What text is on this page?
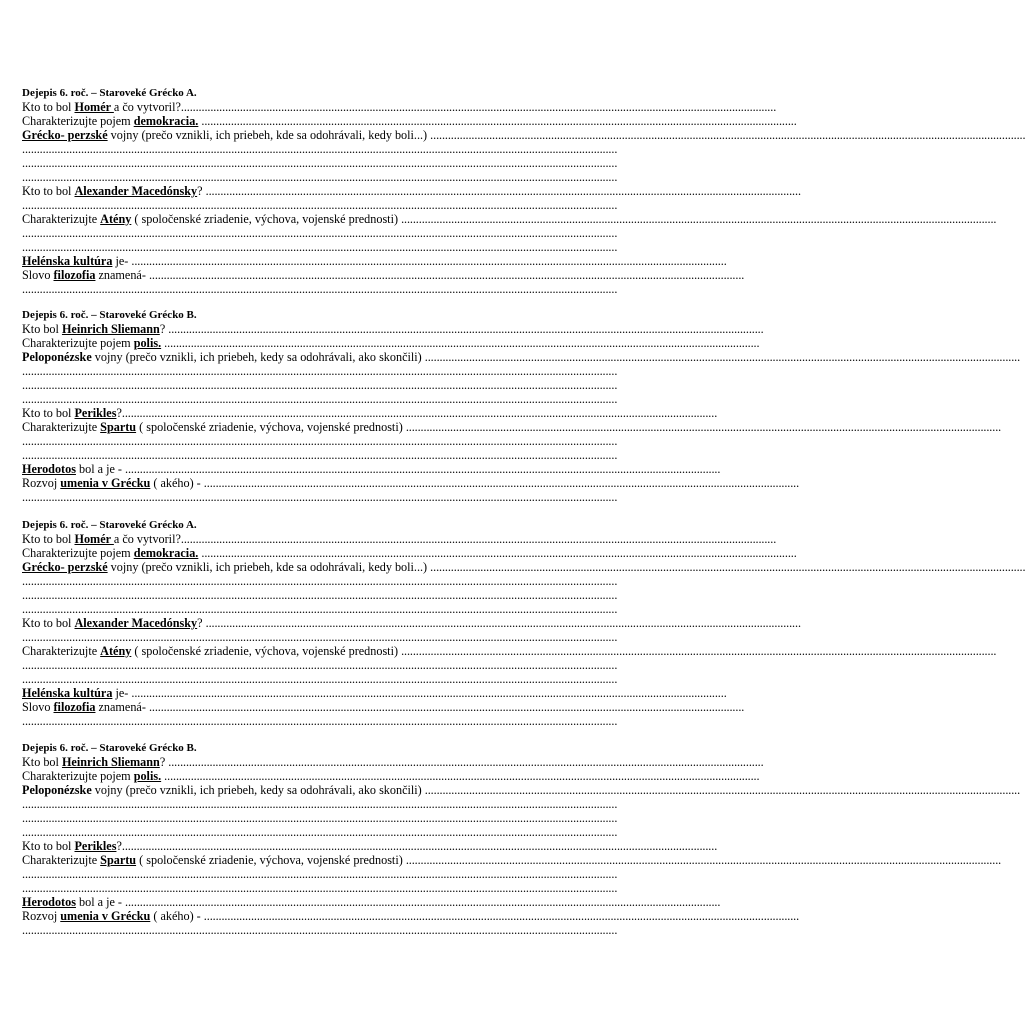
Dejepis 6. roč. – Staroveké Grécko A.
Kto to bol Homér a čo vytvoril?..........................................................................................................................................................................................................
Charakterizujte pojem demokracia. ..........................................................................................................................................................................................................
Grécko- perzské vojny (prečo vznikli, ich priebeh, kde sa odohrávali, kedy boli...) ..........................................................................................................................................................................................................
..........................................................................................................................................................................................................
..........................................................................................................................................................................................................
..........................................................................................................................................................................................................
Kto to bol Alexander Macedónsky? ..........................................................................................................................................................................................................
..........................................................................................................................................................................................................
Charakterizujte Atény ( spoločenské zriadenie, výchova, vojenské prednosti) ..........................................................................................................................................................................................................
..........................................................................................................................................................................................................
..........................................................................................................................................................................................................
Helénska kultúra je- ..........................................................................................................................................................................................................
Slovo filozofia znamená- ..........................................................................................................................................................................................................
..........................................................................................................................................................................................................
Dejepis 6. roč. – Staroveké Grécko B.
Kto bol Heinrich Sliemann? ..........................................................................................................................................................................................................
Charakterizujte pojem polis. ..........................................................................................................................................................................................................
Peloponézske vojny (prečo vznikli, ich priebeh, kedy sa odohrávali, ako skončili) ..........................................................................................................................................................................................................
..........................................................................................................................................................................................................
..........................................................................................................................................................................................................
..........................................................................................................................................................................................................
Kto to bol Perikles?..........................................................................................................................................................................................................
Charakterizujte Spartu ( spoločenské zriadenie, výchova, vojenské prednosti) ..........................................................................................................................................................................................................
..........................................................................................................................................................................................................
..........................................................................................................................................................................................................
Herodotos bol a je - ..........................................................................................................................................................................................................
Rozvoj umenia v Grécku ( akého) - ..........................................................................................................................................................................................................
..........................................................................................................................................................................................................
Dejepis 6. roč. – Staroveké Grécko A.
Kto to bol Homér a čo vytvoril?..........................................................................................................................................................................................................
Charakterizujte pojem demokracia. ..........................................................................................................................................................................................................
Grécko- perzské vojny (prečo vznikli, ich priebeh, kde sa odohrávali, kedy boli...) ..........................................................................................................................................................................................................
..........................................................................................................................................................................................................
..........................................................................................................................................................................................................
..........................................................................................................................................................................................................
Kto to bol Alexander Macedónsky? ..........................................................................................................................................................................................................
..........................................................................................................................................................................................................
Charakterizujte Atény ( spoločenské zriadenie, výchova, vojenské prednosti) ..........................................................................................................................................................................................................
..........................................................................................................................................................................................................
..........................................................................................................................................................................................................
Helénska kultúra je- ..........................................................................................................................................................................................................
Slovo filozofia znamená- ..........................................................................................................................................................................................................
..........................................................................................................................................................................................................
Dejepis 6. roč. – Staroveké Grécko B.
Kto bol Heinrich Sliemann? ..........................................................................................................................................................................................................
Charakterizujte pojem polis. ..........................................................................................................................................................................................................
Peloponézske vojny (prečo vznikli, ich priebeh, kedy sa odohrávali, ako skončili) ..........................................................................................................................................................................................................
..........................................................................................................................................................................................................
..........................................................................................................................................................................................................
..........................................................................................................................................................................................................
Kto to bol Perikles?..........................................................................................................................................................................................................
Charakterizujte Spartu ( spoločenské zriadenie, výchova, vojenské prednosti) ..........................................................................................................................................................................................................
..........................................................................................................................................................................................................
..........................................................................................................................................................................................................
Herodotos bol a je - ..........................................................................................................................................................................................................
Rozvoj umenia v Grécku ( akého) - ..........................................................................................................................................................................................................
..........................................................................................................................................................................................................
